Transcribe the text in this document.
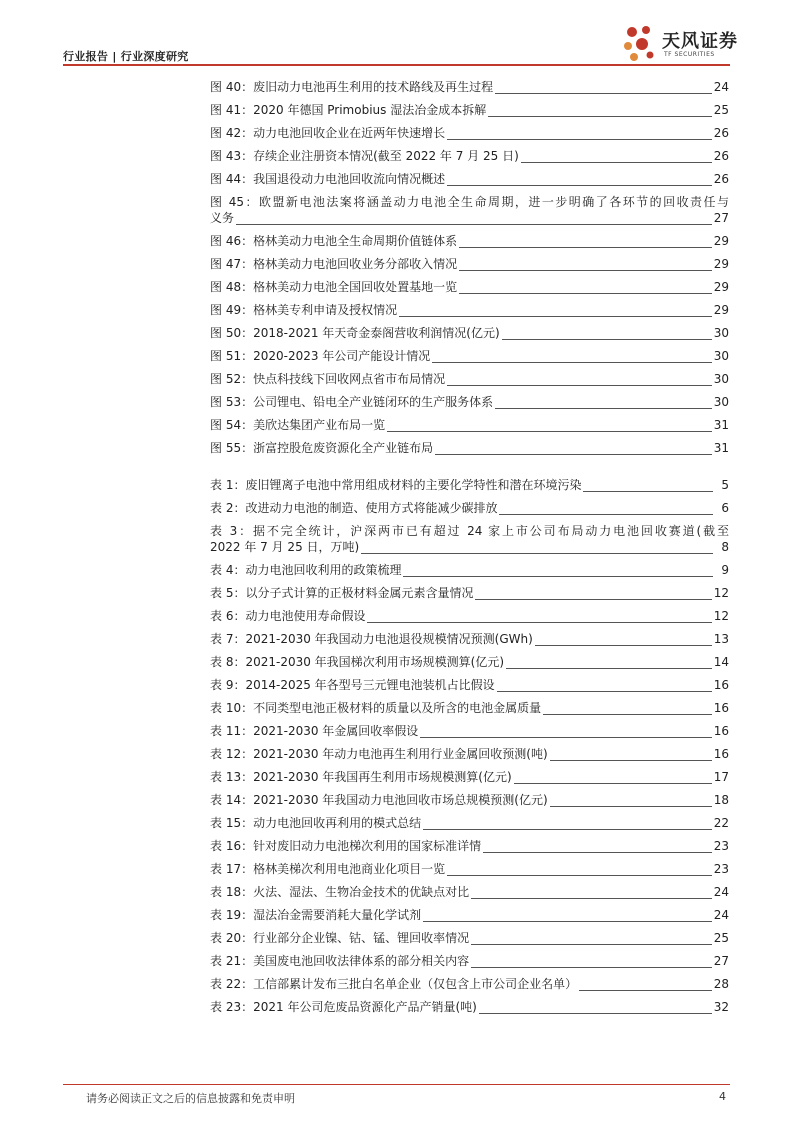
行业报告 | 行业深度研究
天风证券
TF SECURITIES
图 40：废旧动力电池再生利用的技术路线及再生过程	24
图 41：2020 年德国 Primobius 湿法冶金成本拆解	25
图 42：动力电池回收企业在近两年快速增长	26
图 43：存续企业注册资本情况(截至 2022 年 7 月 25 日)	26
图 44：我国退役动力电池回收流向情况概述	26
图 45：欧盟新电池法案将涵盖动力电池全生命周期，进一步明确了各环节的回收责任与
义务	27
图 46：格林美动力电池全生命周期价值链体系	29
图 47：格林美动力电池回收业务分部收入情况	29
图 48：格林美动力电池全国回收处置基地一览	29
图 49：格林美专利申请及授权情况	29
图 50：2018-2021 年天奇金泰阁营收利润情况(亿元)	30
图 51：2020-2023 年公司产能设计情况	30
图 52：快点科技线下回收网点省市布局情况	30
图 53：公司锂电、铅电全产业链闭环的生产服务体系	30
图 54：美欣达集团产业布局一览	31
图 55：浙富控股危废资源化全产业链布局	31
表 1：废旧锂离子电池中常用组成材料的主要化学特性和潜在环境污染	5
表 2：改进动力电池的制造、使用方式将能减少碳排放	6
表 3：据不完全统计，沪深两市已有超过 24 家上市公司布局动力电池回收赛道(截至
2022 年 7 月 25 日，万吨)	8
表 4：动力电池回收利用的政策梳理	9
表 5：以分子式计算的正极材料金属元素含量情况	12
表 6：动力电池使用寿命假设	12
表 7：2021-2030 年我国动力电池退役规模情况预测(GWh)	13
表 8：2021-2030 年我国梯次利用市场规模测算(亿元)	14
表 9：2014-2025 年各型号三元锂电池装机占比假设	16
表 10：不同类型电池正极材料的质量以及所含的电池金属质量	16
表 11：2021-2030 年金属回收率假设	16
表 12：2021-2030 年动力电池再生利用行业金属回收预测(吨)	16
表 13：2021-2030 年我国再生利用市场规模测算(亿元)	17
表 14：2021-2030 年我国动力电池回收市场总规模预测(亿元)	18
表 15：动力电池回收再利用的模式总结	22
表 16：针对废旧动力电池梯次利用的国家标准详情	23
表 17：格林美梯次利用电池商业化项目一览	23
表 18：火法、湿法、生物冶金技术的优缺点对比	24
表 19：湿法冶金需要消耗大量化学试剂	24
表 20：行业部分企业镍、钴、锰、锂回收率情况	25
表 21：美国废电池回收法律体系的部分相关内容	27
表 22：工信部累计发布三批白名单企业（仅包含上市公司企业名单）	28
表 23：2021 年公司危废品资源化产品产销量(吨)	32
请务必阅读正文之后的信息披露和免责申明	4
